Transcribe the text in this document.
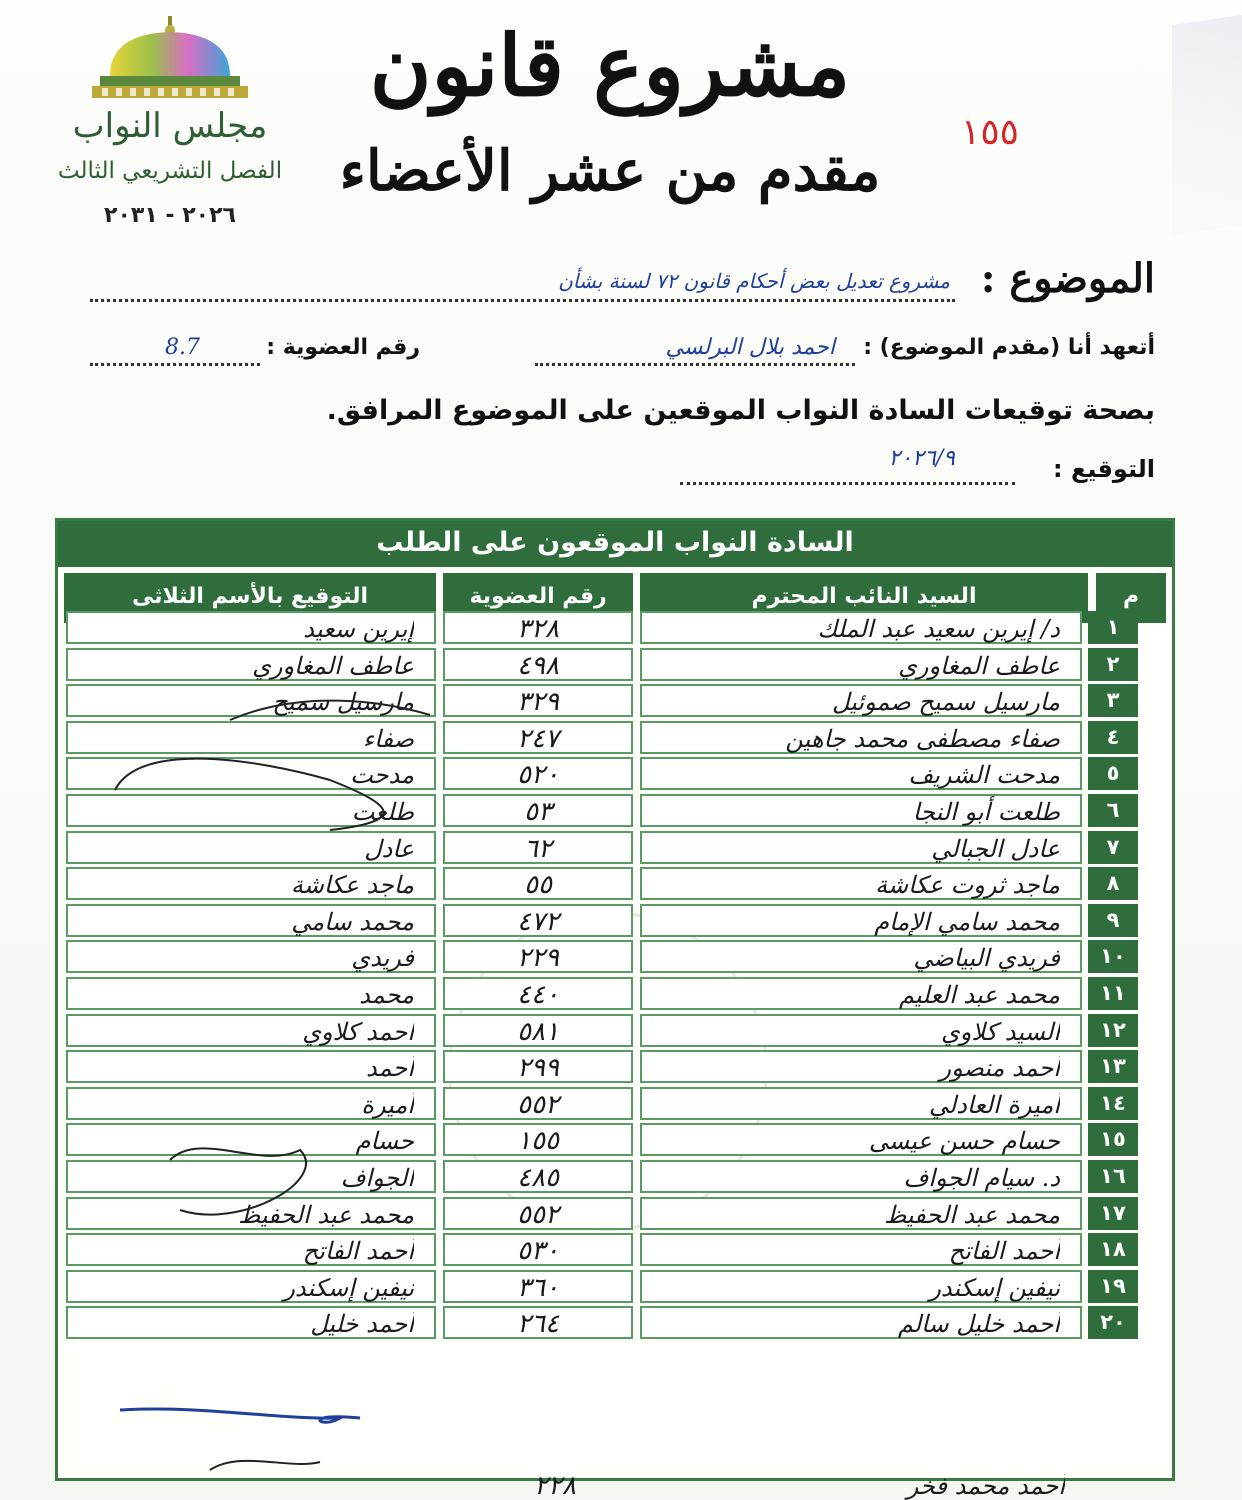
مجلس النواب
الفصل التشريعي الثالث
٢٠٢٦ - ٢٠٣١
مشروع قانون
مقدم من عشر الأعضاء
١٥٥
الموضوع :
مشروع تعديل بعض أحكام قانون ٧٢ لسنة بشأن
أتعهد أنا (مقدم الموضوع) :
احمد بلال البرلسي
رقم العضوية :
8.7
بصحة توقيعات السادة النواب الموقعين على الموضوع المرافق.
التوقيع :
٢٠٢٦/٩
السادة النواب الموقعون على الطلب
م
السيد النائب المحترم
رقم العضوية
التوقيع بالأسم الثلاثى
١
د/ إيرين سعيد عبد الملك
٣٢٨
إيرين سعيد
٢
عاطف المغاوري
٤٩٨
عاطف المغاوري
٣
مارسيل سميح صموئيل
٣٢٩
مارسيل سميح
٤
صفاء مصطفى محمد جاهين
٢٤٧
صفاء
٥
مدحت الشريف
٥٢٠
مدحت
٦
طلعت أبو النجا
٥٣
طلعت
٧
عادل الجبالي
٦٢
عادل
٨
ماجد ثروت عكاشة
٥٥
ماجد عكاشة
٩
محمد سامي الإمام
٤٧٢
محمد سامي
١٠
فريدي البياضي
٢٢٩
فريدي
١١
محمد عبد العليم
٤٤٠
محمد
١٢
السيد كلاوي
٥٨١
احمد كلاوي
١٣
أحمد منصور
٢٩٩
أحمد
١٤
أميرة العادلي
٥٥٢
أميرة
١٥
حسام حسن عيسى
١٥٥
حسام
١٦
د. سيام الجواف
٤٨٥
الجواف
١٧
محمد عبد الحفيظ
٥٥٢
محمد عبد الحفيظ
١٨
أحمد الفاتح
٥٣٠
أحمد الفاتح
١٩
نيفين إسكندر
٣٦٠
نيفين إسكندر
٢٠
أحمد خليل سالم
٢٦٤
أحمد خليل
أحمد محمد فخر
٢٢٨
